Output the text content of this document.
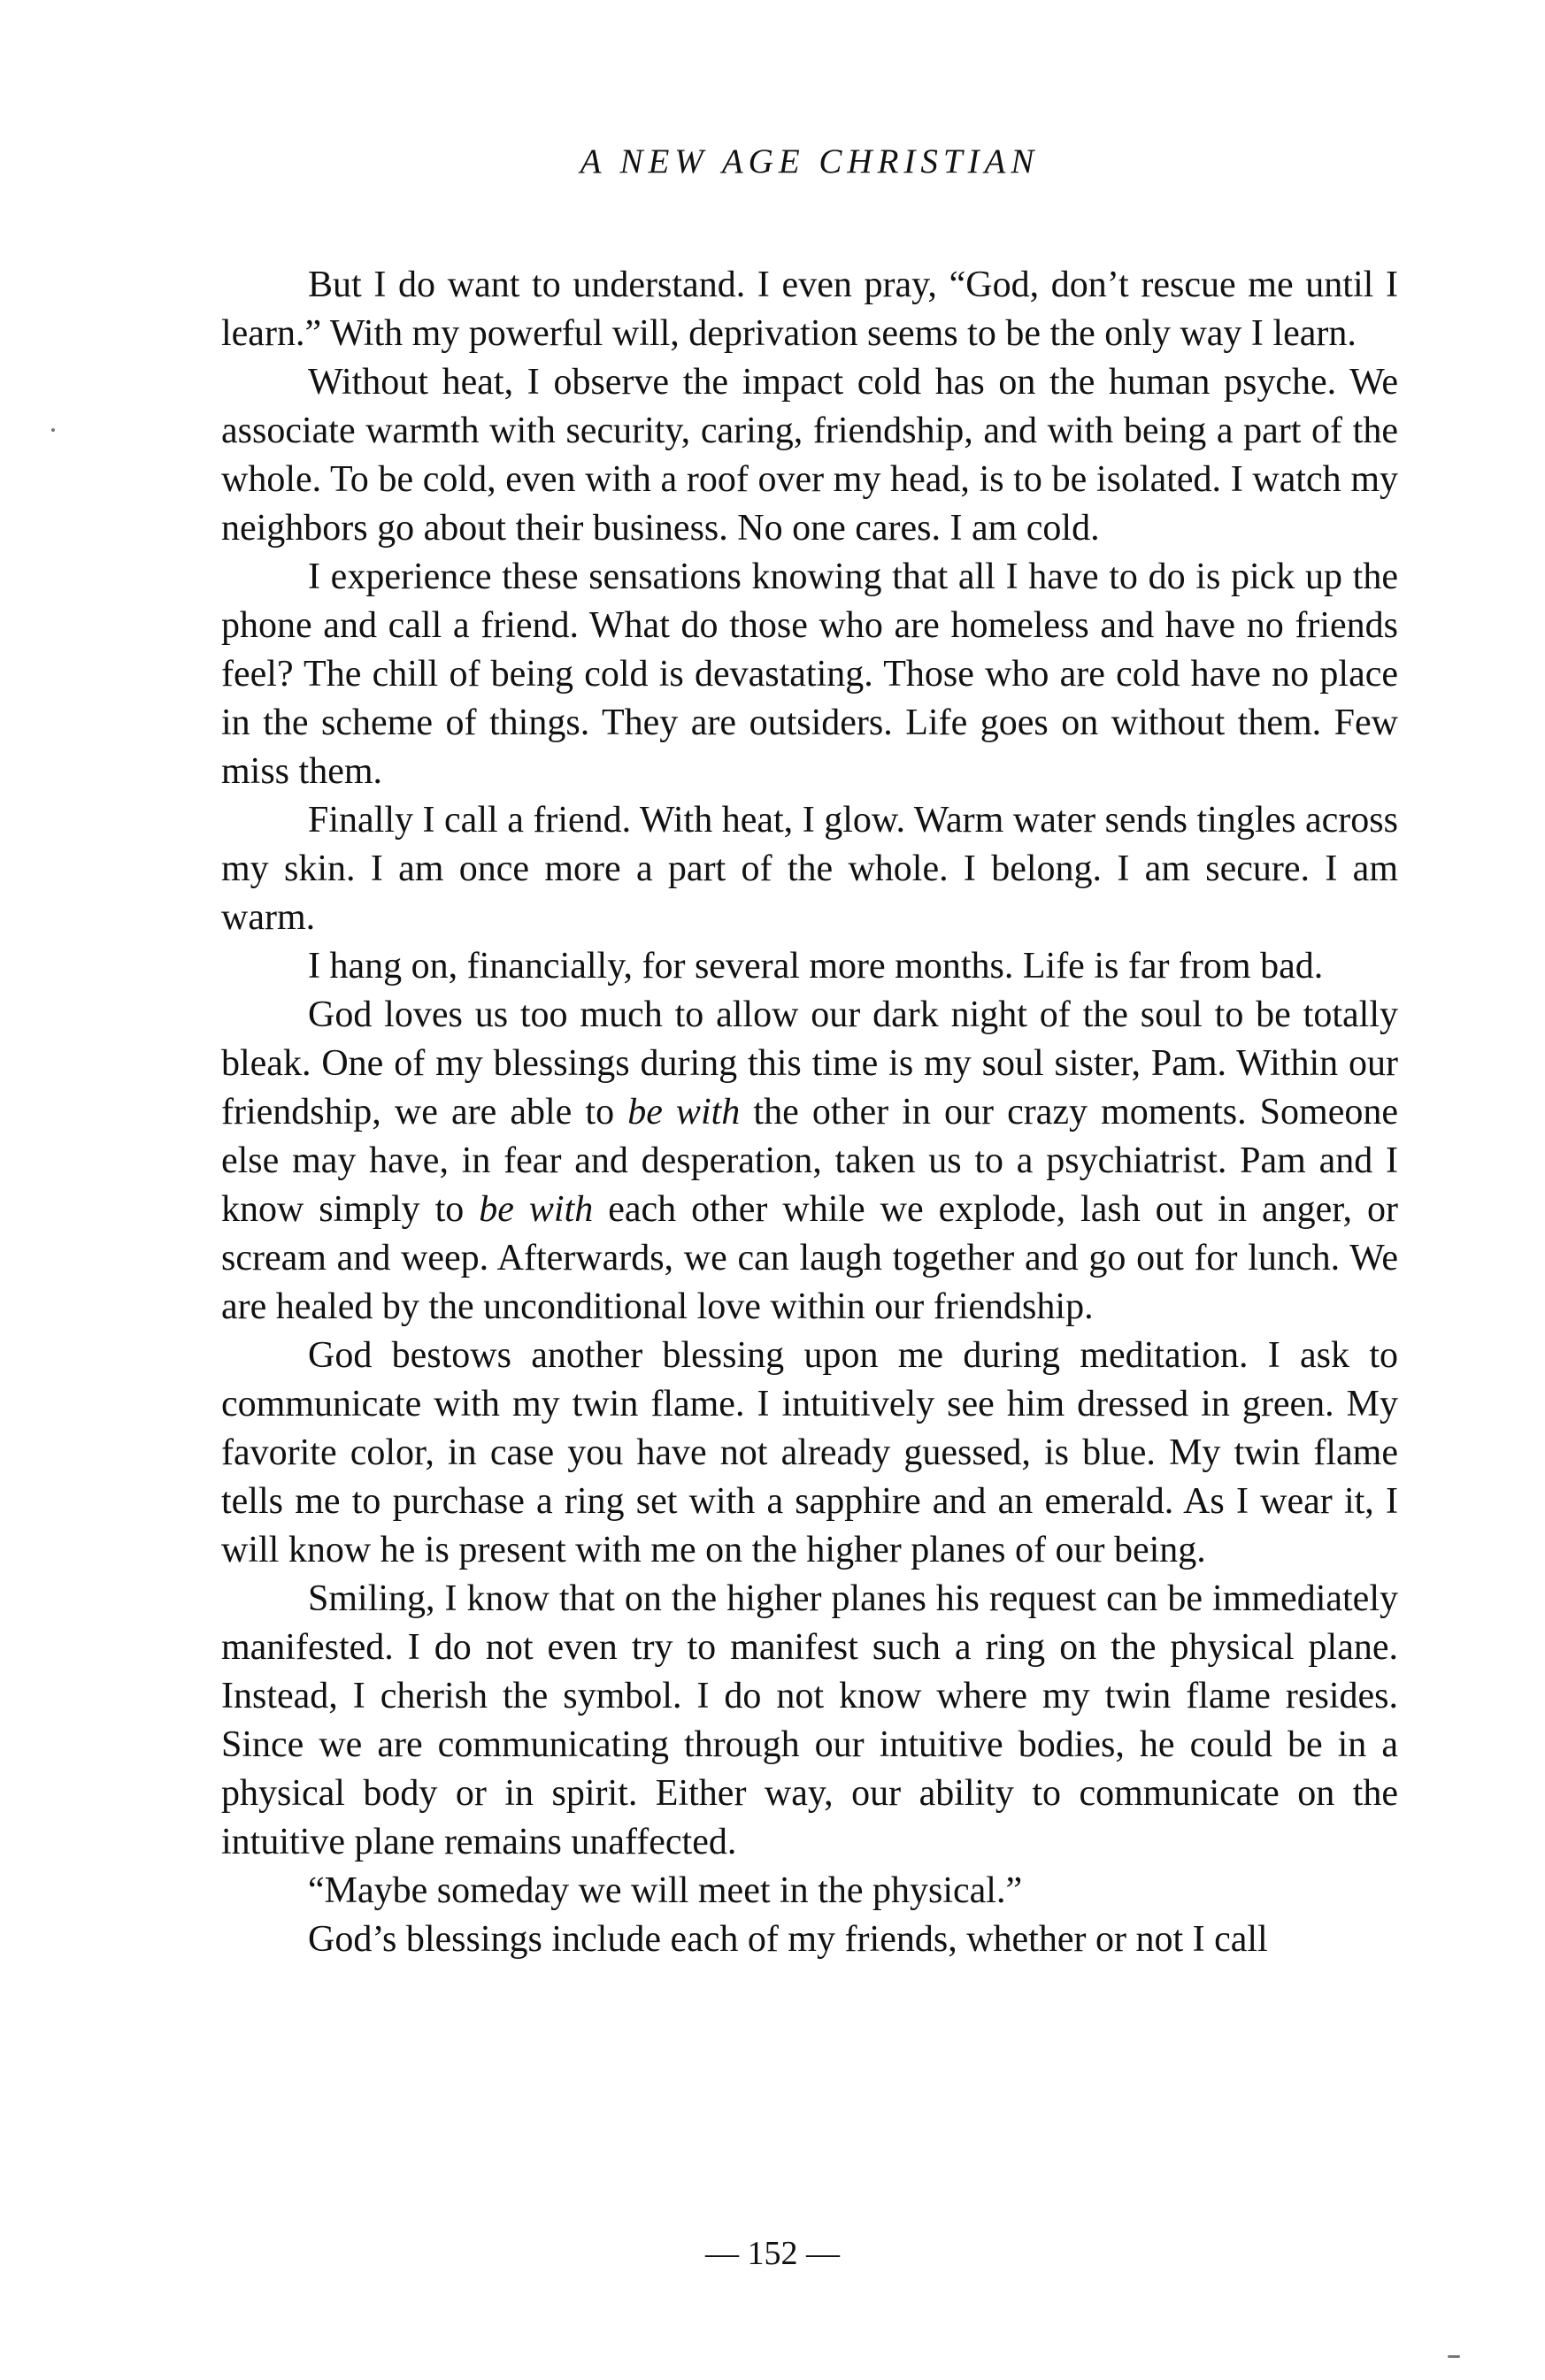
A NEW AGE CHRISTIAN

But I do want to understand. I even pray, “God, don’t rescue me until I learn.” With my powerful will, deprivation seems to be the only way I learn.

Without heat, I observe the impact cold has on the human psyche. We associate warmth with security, caring, friendship, and with being a part of the whole. To be cold, even with a roof over my head, is to be isolated. I watch my neighbors go about their business. No one cares. I am cold.

I experience these sensations knowing that all I have to do is pick up the phone and call a friend. What do those who are homeless and have no friends feel? The chill of being cold is devastating. Those who are cold have no place in the scheme of things. They are outsiders. Life goes on without them. Few miss them.

Finally I call a friend. With heat, I glow. Warm water sends tingles across my skin. I am once more a part of the whole. I belong. I am secure. I am warm.

I hang on, financially, for several more months. Life is far from bad.

God loves us too much to allow our dark night of the soul to be totally bleak. One of my blessings during this time is my soul sister, Pam. Within our friendship, we are able to be with the other in our crazy moments. Someone else may have, in fear and desperation, taken us to a psychiatrist. Pam and I know simply to be with each other while we explode, lash out in anger, or scream and weep. Afterwards, we can laugh together and go out for lunch. We are healed by the unconditional love within our friendship.

God bestows another blessing upon me during meditation. I ask to communicate with my twin flame. I intuitively see him dressed in green. My favorite color, in case you have not already guessed, is blue. My twin flame tells me to purchase a ring set with a sapphire and an emerald. As I wear it, I will know he is present with me on the higher planes of our being.

Smiling, I know that on the higher planes his request can be immediately manifested. I do not even try to manifest such a ring on the physical plane. Instead, I cherish the symbol. I do not know where my twin flame resides. Since we are communicating through our intuitive bodies, he could be in a physical body or in spirit. Either way, our ability to communicate on the intuitive plane remains unaffected.

“Maybe someday we will meet in the physical.”

God’s blessings include each of my friends, whether or not I call

— 152 —
